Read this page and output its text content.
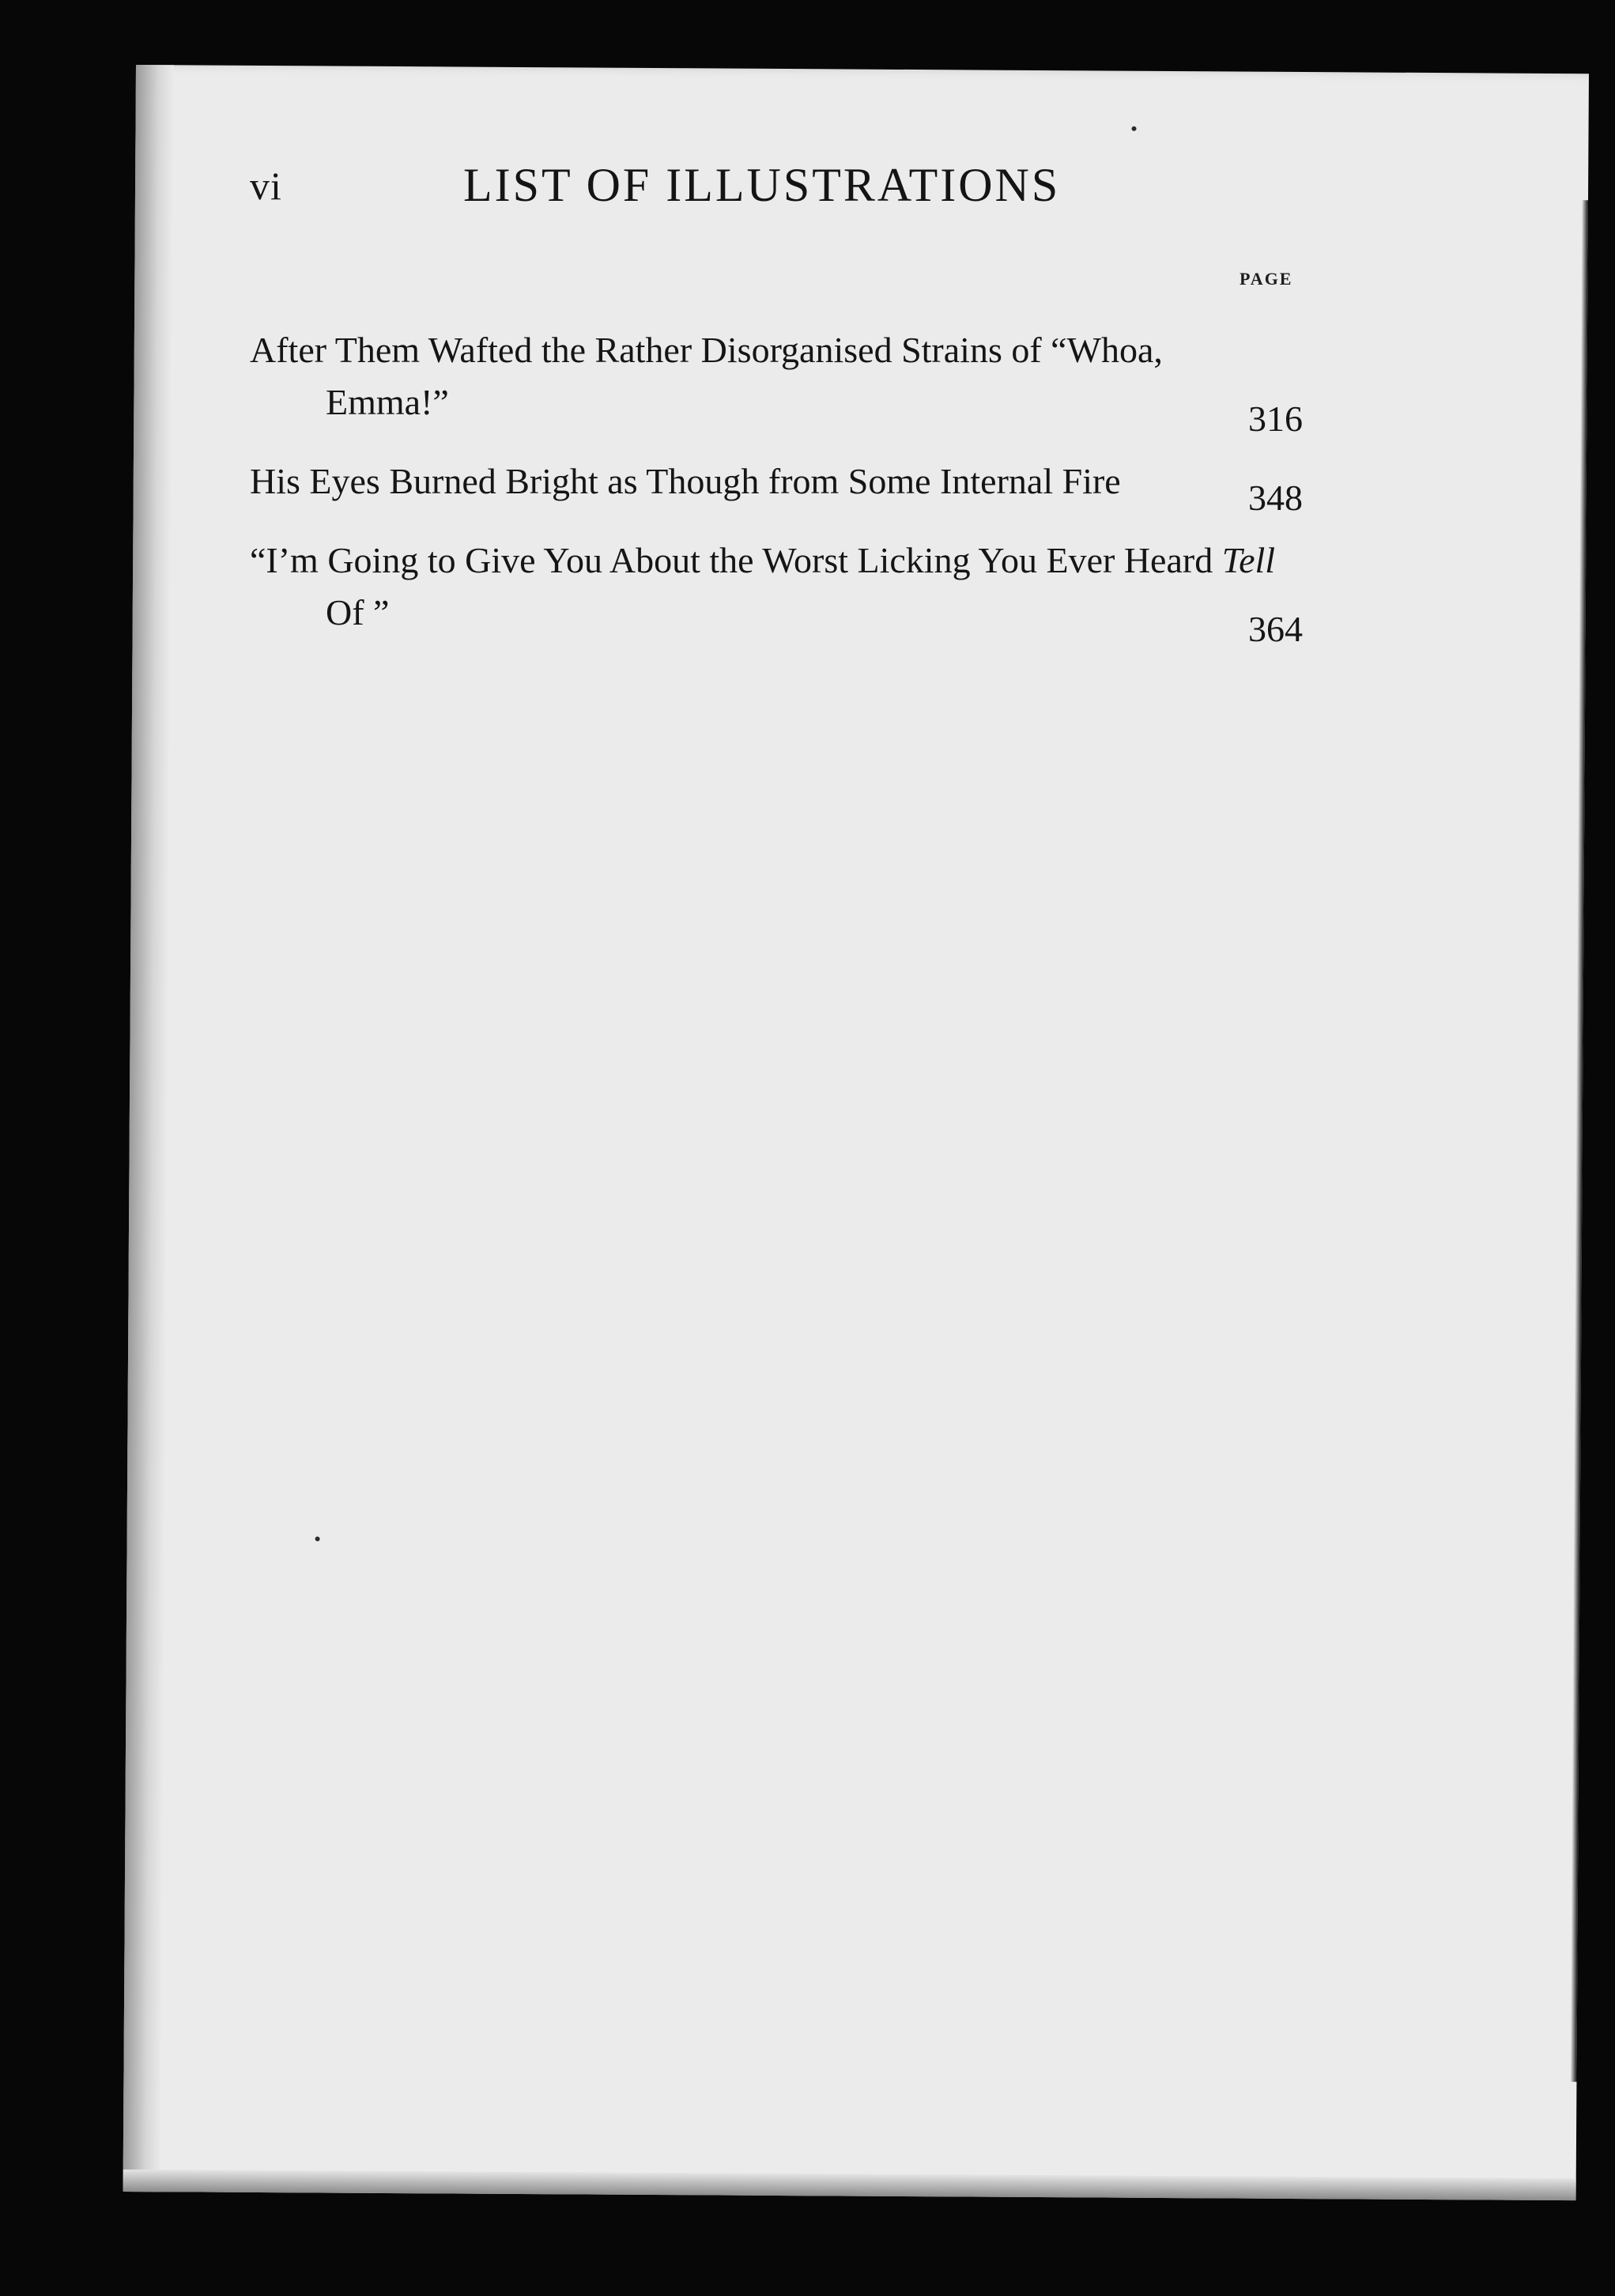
vi	LIST OF ILLUSTRATIONS
PAGE
After Them Wafted the Rather Disorganised Strains of “Whoa, Emma!”	316
His Eyes Burned Bright as Though from Some Internal Fire	348
“I’m Going to Give You About the Worst Licking You Ever Heard Tell Of ”	364
